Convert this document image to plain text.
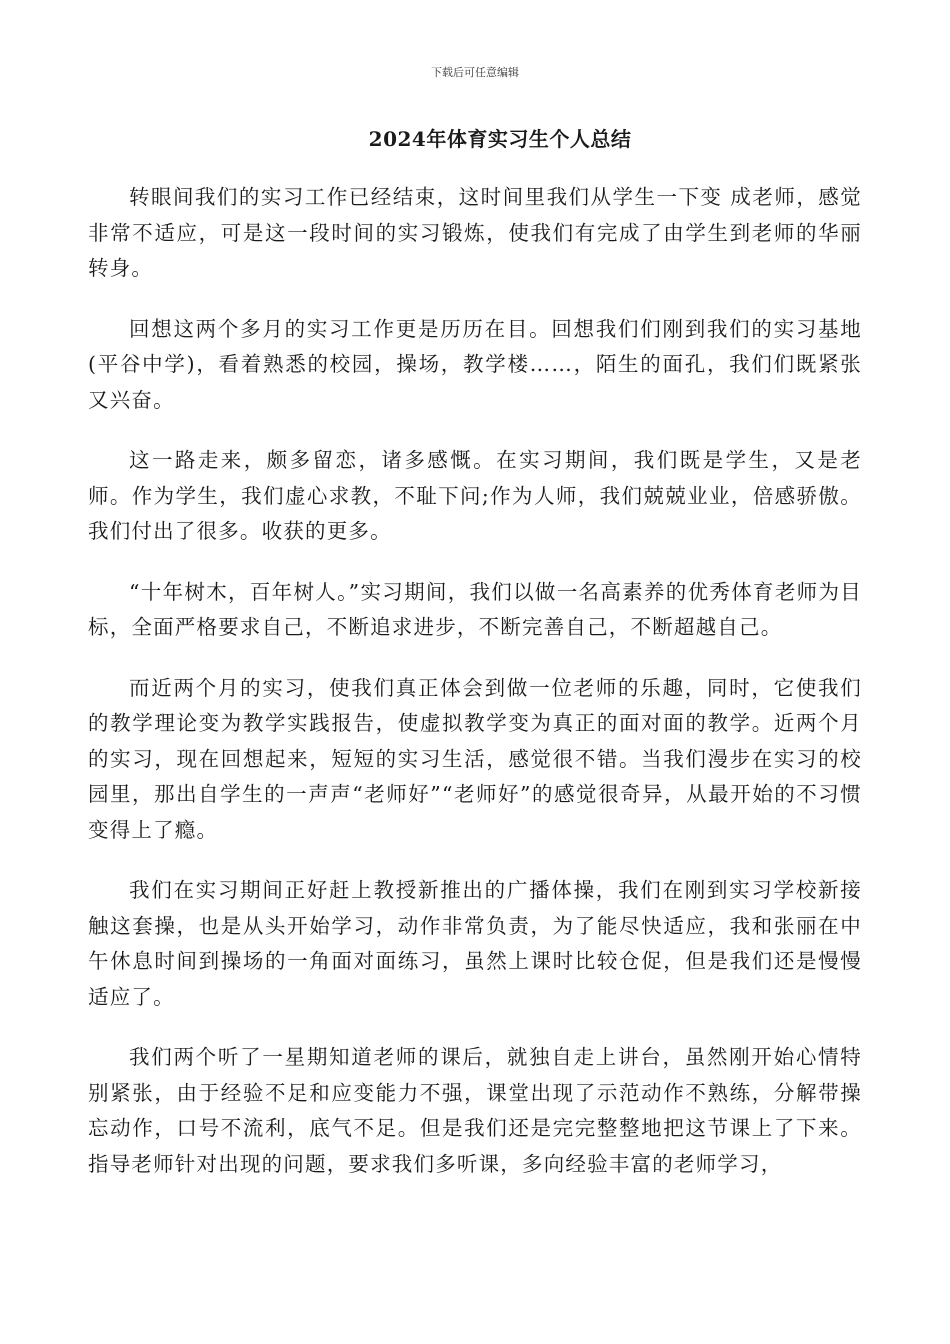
下载后可任意编辑
2024年体育实习生个人总结

转眼间我们的实习工作已经结束，这时间里我们从学生一下变 成老师，感觉非常不适应，可是这一段时间的实习锻炼，使我们有完成了由学生到老师的华丽转身。

回想这两个多月的实习工作更是历历在目。回想我们们刚到我们的实习基地(平谷中学)，看着熟悉的校园，操场，教学楼……，陌生的面孔，我们们既紧张又兴奋。

这一路走来，颇多留恋，诸多感慨。在实习期间，我们既是学生，又是老师。作为学生，我们虚心求教，不耻下问;作为人师，我们兢兢业业，倍感骄傲。我们付出了很多。收获的更多。

“十年树木，百年树人。”实习期间，我们以做一名高素养的优秀体育老师为目标，全面严格要求自己，不断追求进步，不断完善自己，不断超越自己。

而近两个月的实习，使我们真正体会到做一位老师的乐趣，同时，它使我们的教学理论变为教学实践报告，使虚拟教学变为真正的面对面的教学。近两个月的实习，现在回想起来，短短的实习生活，感觉很不错。当我们漫步在实习的校园里，那出自学生的一声声“老师好”“老师好”的感觉很奇异，从最开始的不习惯变得上了瘾。

我们在实习期间正好赶上教授新推出的广播体操，我们在刚到实习学校新接触这套操，也是从头开始学习，动作非常负责，为了能尽快适应，我和张丽在中午休息时间到操场的一角面对面练习，虽然上课时比较仓促，但是我们还是慢慢适应了。

我们两个听了一星期知道老师的课后，就独自走上讲台，虽然刚开始心情特别紧张，由于经验不足和应变能力不强，课堂出现了示范动作不熟练，分解带操忘动作，口号不流利，底气不足。但是我们还是完完整整地把这节课上了下来。指导老师针对出现的问题，要求我们多听课，多向经验丰富的老师学习，
